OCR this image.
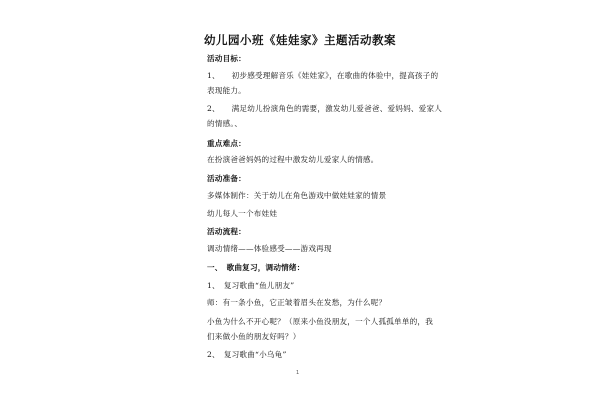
幼儿园小班《娃娃家》主题活动教案
活动目标：
1、　　初步感受理解音乐《娃娃家》，在歌曲的体验中，提高孩子的
表现能力。
2、　　满足幼儿扮演角色的需要，激发幼儿爱爸爸、爱妈妈、爱家人
的情感。、
重点难点：
在扮演爸爸妈妈的过程中激发幼儿爱家人的情感。
活动准备：
多媒体制作：关于幼儿在角色游戏中做娃娃家的情景
幼儿每人一个布娃娃
活动流程：
调动情绪——体验感受——游戏再现
一、　歌曲复习，调动情绪：
1、　复习歌曲“鱼儿朋友”
师：有一条小鱼，它正皱着眉头在发愁，为什么呢？
小鱼为什么不开心呢？（原来小鱼没朋友，一个人孤孤单单的，我
们来做小鱼的朋友好吗？）
2、　复习歌曲“小乌龟”
1
